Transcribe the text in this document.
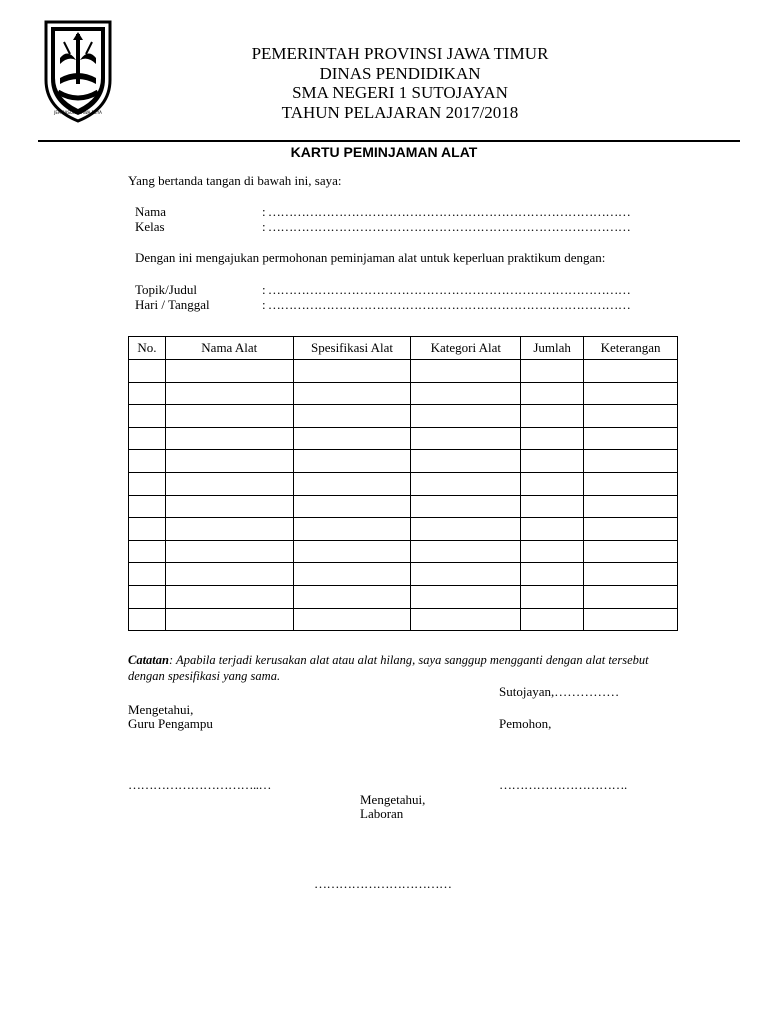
JER BASUKI MAWA BEYA
PEMERINTAH PROVINSI JAWA TIMUR
DINAS PENDIDIKAN
SMA NEGERI 1 SUTOJAYAN
TAHUN PELAJARAN 2017/2018
KARTU PEMINJAMAN ALAT
Yang bertanda tangan di bawah ini, saya:
Nama	: ……………………………………………………………………………
Kelas	: ……………………………………………………………………………
Dengan ini mengajukan permohonan peminjaman alat untuk keperluan praktikum dengan:
Topik/Judul	: ……………………………………………………………………………
Hari / Tanggal	: ……………………………………………………………………………
No.	Nama Alat	Spesifikasi Alat	Kategori Alat	Jumlah	Keterangan

Catatan: Apabila terjadi kerusakan alat atau alat hilang, saya sanggup mengganti dengan alat tersebut dengan spesifikasi yang sama.
Sutojayan,……………
Mengetahui,
Guru Pengampu	Pemohon,
…………………………..…	………………………….
Mengetahui,
Laboran
……………………………
